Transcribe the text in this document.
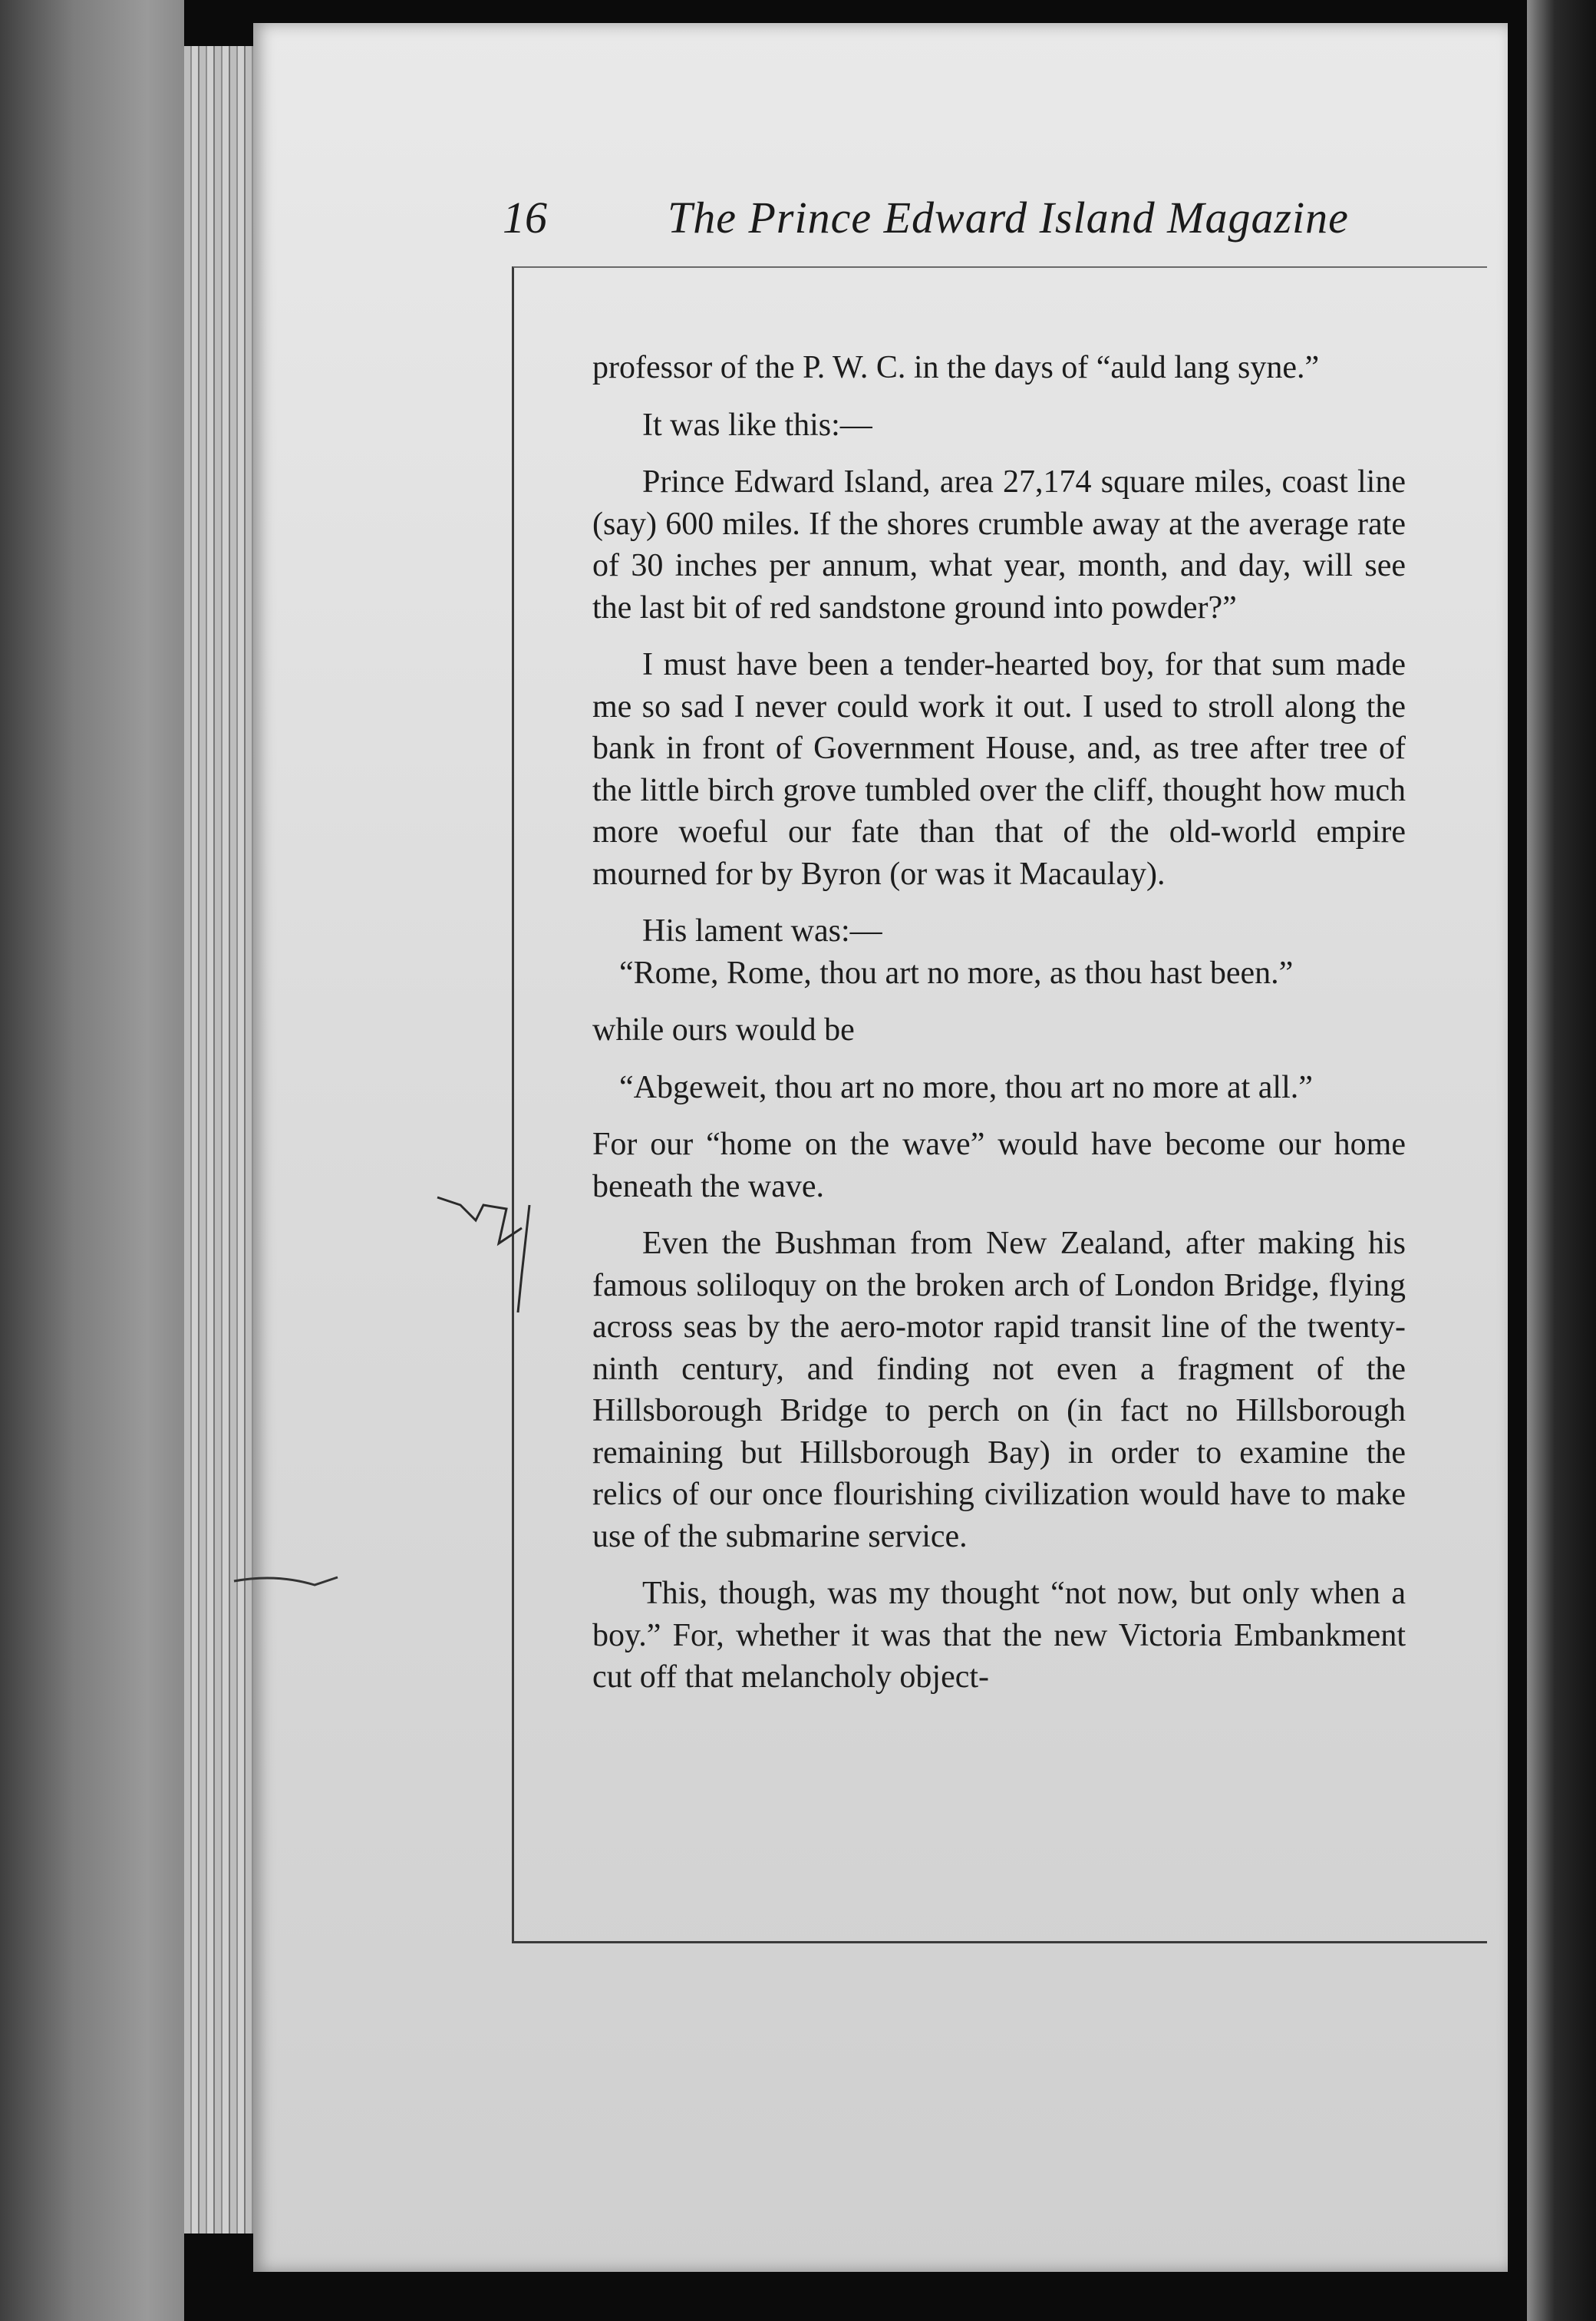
16	The Prince Edward Island Magazine

professor of the P. W. C. in the days of “auld lang syne.”

It was like this:—

Prince Edward Island, area 27,174 square miles, coast line (say) 600 miles. If the shores crumble away at the average rate of 30 inches per annum, what year, month, and day, will see the last bit of red sandstone ground into powder?”

I must have been a tender-hearted boy, for that sum made me so sad I never could work it out. I used to stroll along the bank in front of Government House, and, as tree after tree of the little birch grove tumbled over the cliff, thought how much more woeful our fate than that of the old-world empire mourned for by Byron (or was it Macaulay).

His lament was:—

“Rome, Rome, thou art no more, as thou hast been.”

while ours would be

“Abgeweit, thou art no more, thou art no more at all.”

For our “home on the wave” would have become our home beneath the wave.

Even the Bushman from New Zealand, after making his famous soliloquy on the broken arch of London Bridge, flying across seas by the aero-motor rapid transit line of the twenty-ninth century, and finding not even a fragment of the Hillsborough Bridge to perch on (in fact no Hillsborough remaining but Hillsborough Bay) in order to examine the relics of our once flourishing civilization would have to make use of the submarine service.

This, though, was my thought “not now, but only when a boy.” For, whether it was that the new Victoria Embankment cut off that melancholy object-
